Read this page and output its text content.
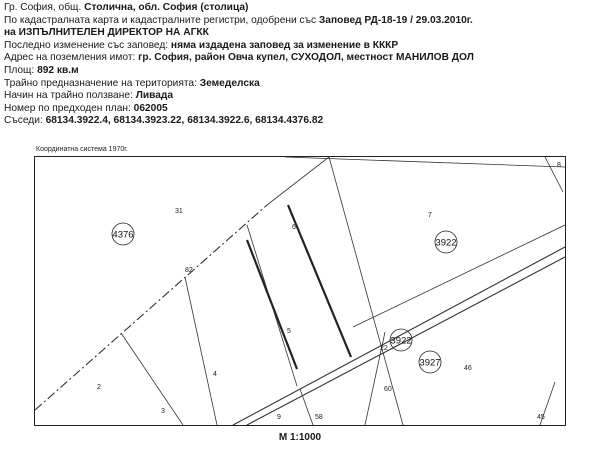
Гр. София, общ. Столична, обл. София (столица)
По кадастралната карта и кадастралните регистри, одобрени със Заповед РД-18-19 / 29.03.2010г.
на ИЗПЪЛНИТЕЛЕН ДИРЕКТОР НА АГКК
Последно изменение със заповед: няма издадена заповед за изменение в КККР
Адрес на поземления имот: гр. София, район Овча купел, СУХОДОЛ, местност МАНИЛОВ ДОЛ
Площ: 892 кв.м
Трайно предназначение на територията: Земеделска
Начин на трайно ползване: Ливада
Номер по предходен план: 062005
Съседи: 68134.3922.4, 68134.3923.22, 68134.3922.6, 68134.4376.82
Координатна система 1970г.
4376
3922
3922
3927
31
82
6
7
5
22
60
46
4
2
3
9	58	45
8
М 1:1000
